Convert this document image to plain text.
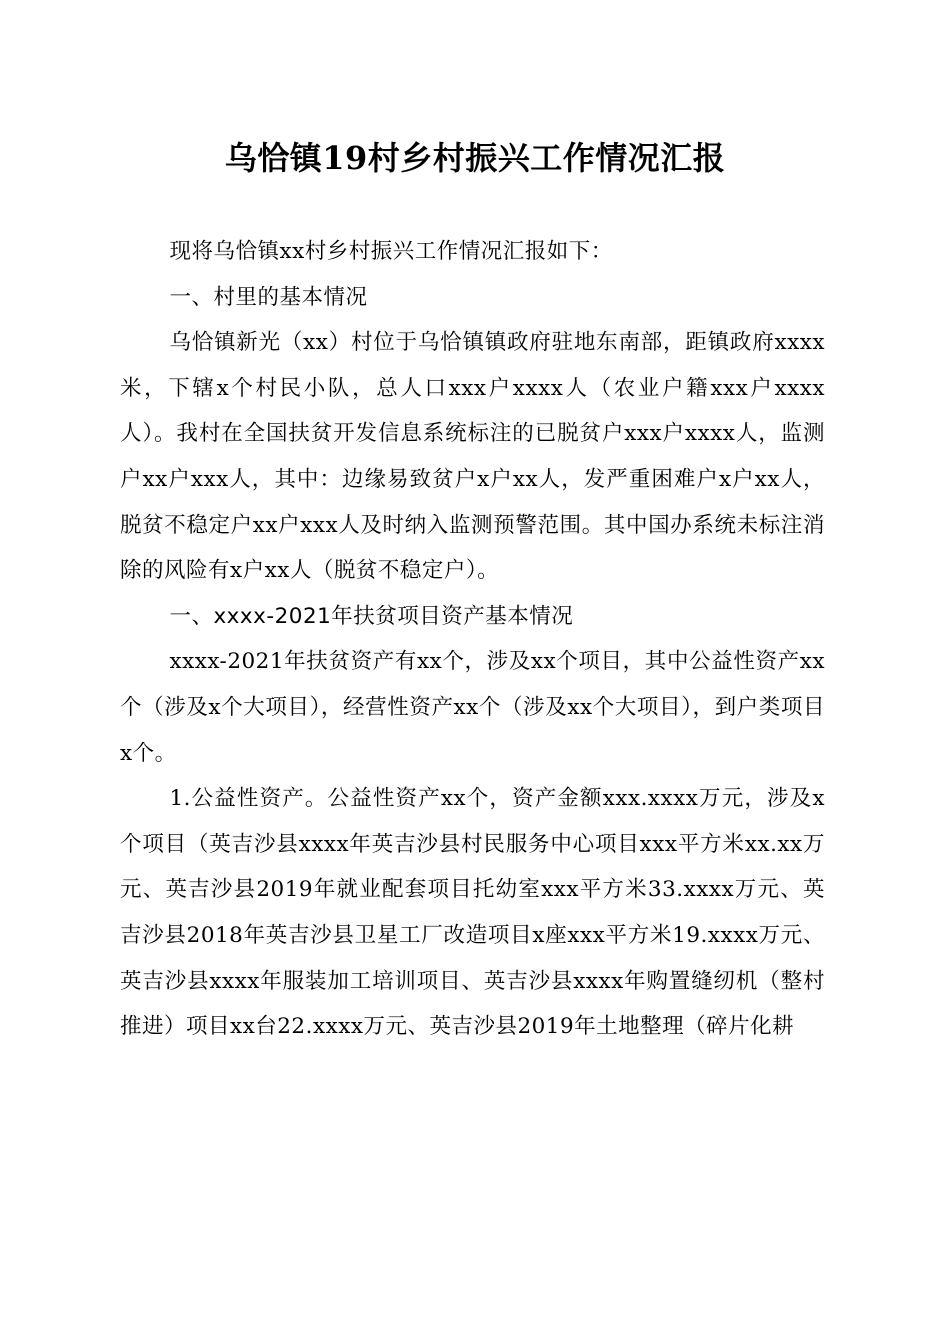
乌恰镇19村乡村振兴工作情况汇报

现将乌恰镇xx村乡村振兴工作情况汇报如下：

一、村里的基本情况

乌恰镇新光（xx）村位于乌恰镇镇政府驻地东南部，距镇政府xxxx米，下辖x个村民小队，总人口xxx户xxxx人（农业户籍xxx户xxxx人）。我村在全国扶贫开发信息系统标注的已脱贫户xxx户xxxx人，监测户xx户xxx人，其中：边缘易致贫户x户xx人，发严重困难户x户xx人，脱贫不稳定户xx户xxx人及时纳入监测预警范围。其中国办系统未标注消除的风险有x户xx人（脱贫不稳定户）。

一、xxxx-2021年扶贫项目资产基本情况

xxxx-2021年扶贫资产有xx个，涉及xx个项目，其中公益性资产xx个（涉及x个大项目），经营性资产xx个（涉及xx个大项目），到户类项目x个。

1.公益性资产。公益性资产xx个，资产金额xxx.xxxx万元，涉及x个项目（英吉沙县xxxx年英吉沙县村民服务中心项目xxx平方米xx.xx万元、英吉沙县2019年就业配套项目托幼室xxx平方米33.xxxx万元、英吉沙县2018年英吉沙县卫星工厂改造项目x座xxx平方米19.xxxx万元、英吉沙县xxxx年服装加工培训项目、英吉沙县xxxx年购置缝纫机（整村推进）项目xx台22.xxxx万元、英吉沙县2019年土地整理（碎片化耕
